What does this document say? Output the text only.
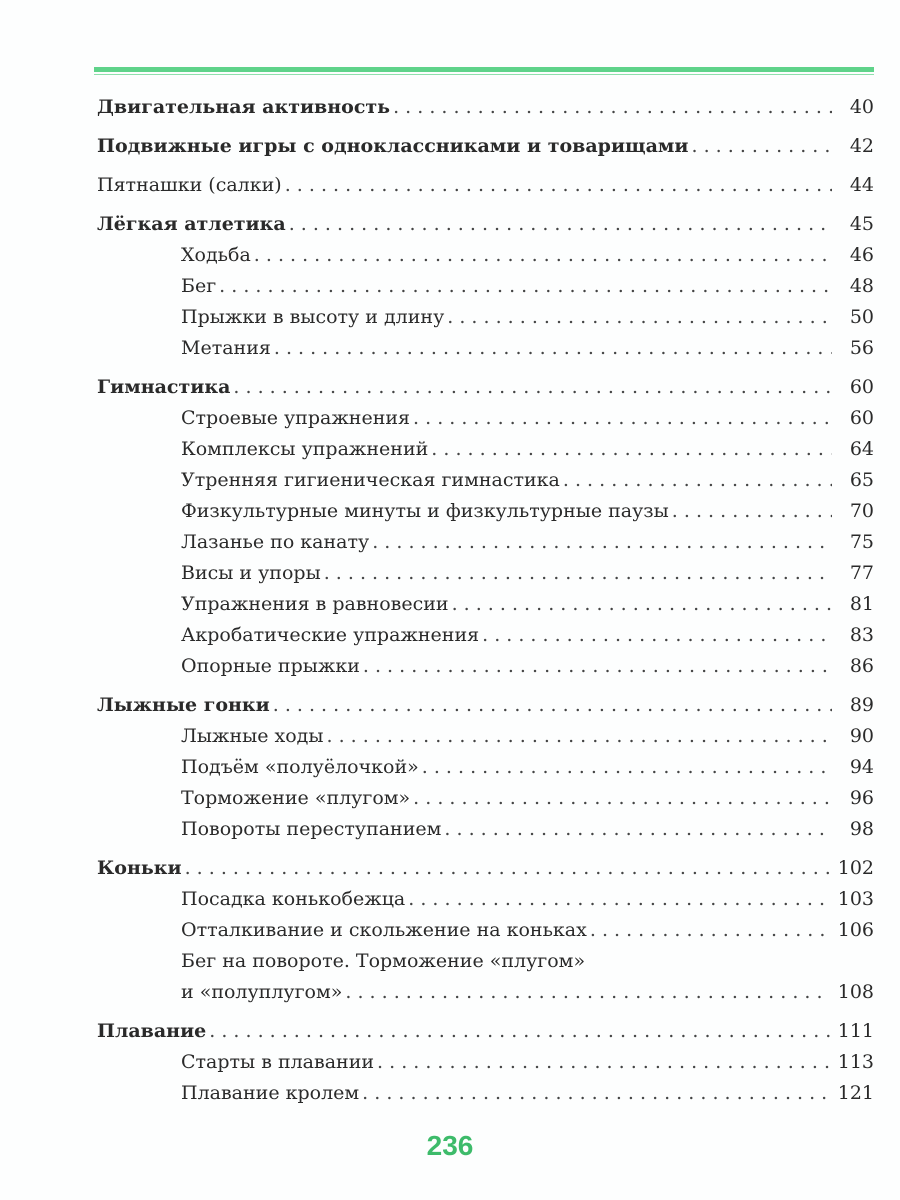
Двигательная активность . . .	40
Подвижные игры с одноклассниками и товарищами . . .	42
Пятнашки (салки) . . .	44
Лёгкая атлетика . . .	45
Ходьба . . .	46
Бег . . .	48
Прыжки в высоту и длину . . .	50
Метания . . .	56
Гимнастика . . .	60
Строевые упражнения . . .	60
Комплексы упражнений . . .	64
Утренняя гигиеническая гимнастика . . .	65
Физкультурные минуты и физкультурные паузы . . .	70
Лазанье по канату . . .	75
Висы и упоры . . .	77
Упражнения в равновесии . . .	81
Акробатические упражнения . . .	83
Опорные прыжки . . .	86
Лыжные гонки . . .	89
Лыжные ходы . . .	90
Подъём «полуёлочкой» . . .	94
Торможение «плугом» . . .	96
Повороты переступанием . . .	98
Коньки . . .	102
Посадка конькобежца . . .	103
Отталкивание и скольжение на коньках . . .	106
Бег на повороте. Торможение «плугом»
и «полуплугом» . . .	108
Плавание . . .	111
Старты в плавании . . .	113
Плавание кролем . . .	121
236
